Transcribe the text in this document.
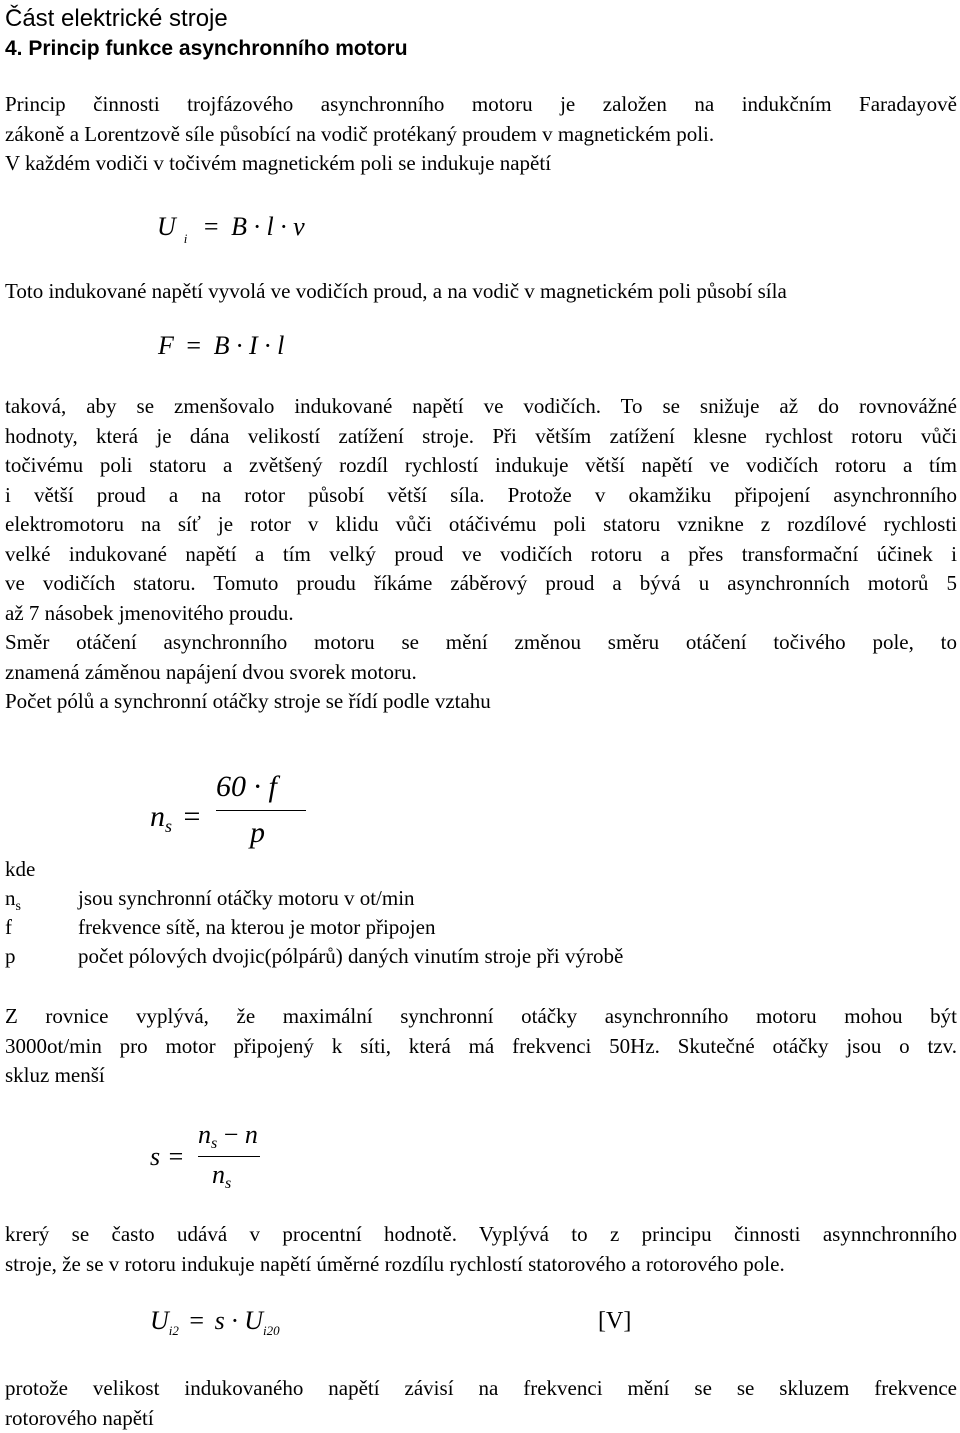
Část elektrické stroje
4. Princip funkce asynchronního motoru
Princip činnosti trojfázového asynchronního motoru je založen na indukčním Faradayově
zákoně a Lorentzově síle působící na vodič protékaný proudem v magnetickém poli.
V každém vodiči v točivém magnetickém poli se indukuje napětí
U $_i$ = B · l · v
Toto indukované napětí vyvolá ve vodičích proud, a na vodič v magnetickém poli působí síla
F = B · I · l
taková, aby se zmenšovalo indukované napětí ve vodičích. To se snižuje až do rovnovážné
hodnoty, která je dána velikostí zatížení stroje. Při větším zatížení klesne rychlost rotoru vůči
točivému poli statoru a zvětšený rozdíl rychlostí indukuje větší napětí ve vodičích rotoru a tím
i větší proud a na rotor působí větší síla. Protože v okamžiku připojení asynchronního
elektromotoru na síť je rotor v klidu vůči otáčivému poli statoru vznikne z rozdílové rychlosti
velké indukované napětí a tím velký proud ve vodičích rotoru a přes transformační účinek i
ve vodičích statoru. Tomuto proudu říkáme záběrový proud a bývá u asynchronních motorů 5
až 7 násobek jmenovitého proudu.
Směr otáčení asynchronního motoru se mění změnou směru otáčení točivého pole, to
znamená záměnou napájení dvou svorek motoru.
Počet pólů a synchronní otáčky stroje se řídí podle vztahu
$n_s$ =
60 · f
p
kde
$n_s$	jsou synchronní otáčky motoru v ot/min
f	frekvence sítě, na kterou je motor připojen
p	počet pólových dvojic(pólpárů) daných vinutím stroje při výrobě
Z rovnice vyplývá, že maximální synchronní otáčky asynchronního motoru mohou být
3000ot/min pro motor připojený k síti, která má frekvenci 50Hz. Skutečné otáčky jsou o tzv.
skluz menší
s =
ns − n
ns
krerý se často udává v procentní hodnotě. Vyplývá to z principu činnosti asynnchronního
stroje, že se v rotoru indukuje napětí úměrné rozdílu rychlostí statorového a rotorového pole.
$U_{i2} = s \cdot U_{i20}$	[V]
protože velikost indukovaného napětí závisí na frekvenci mění se se skluzem frekvence
rotorového napětí
